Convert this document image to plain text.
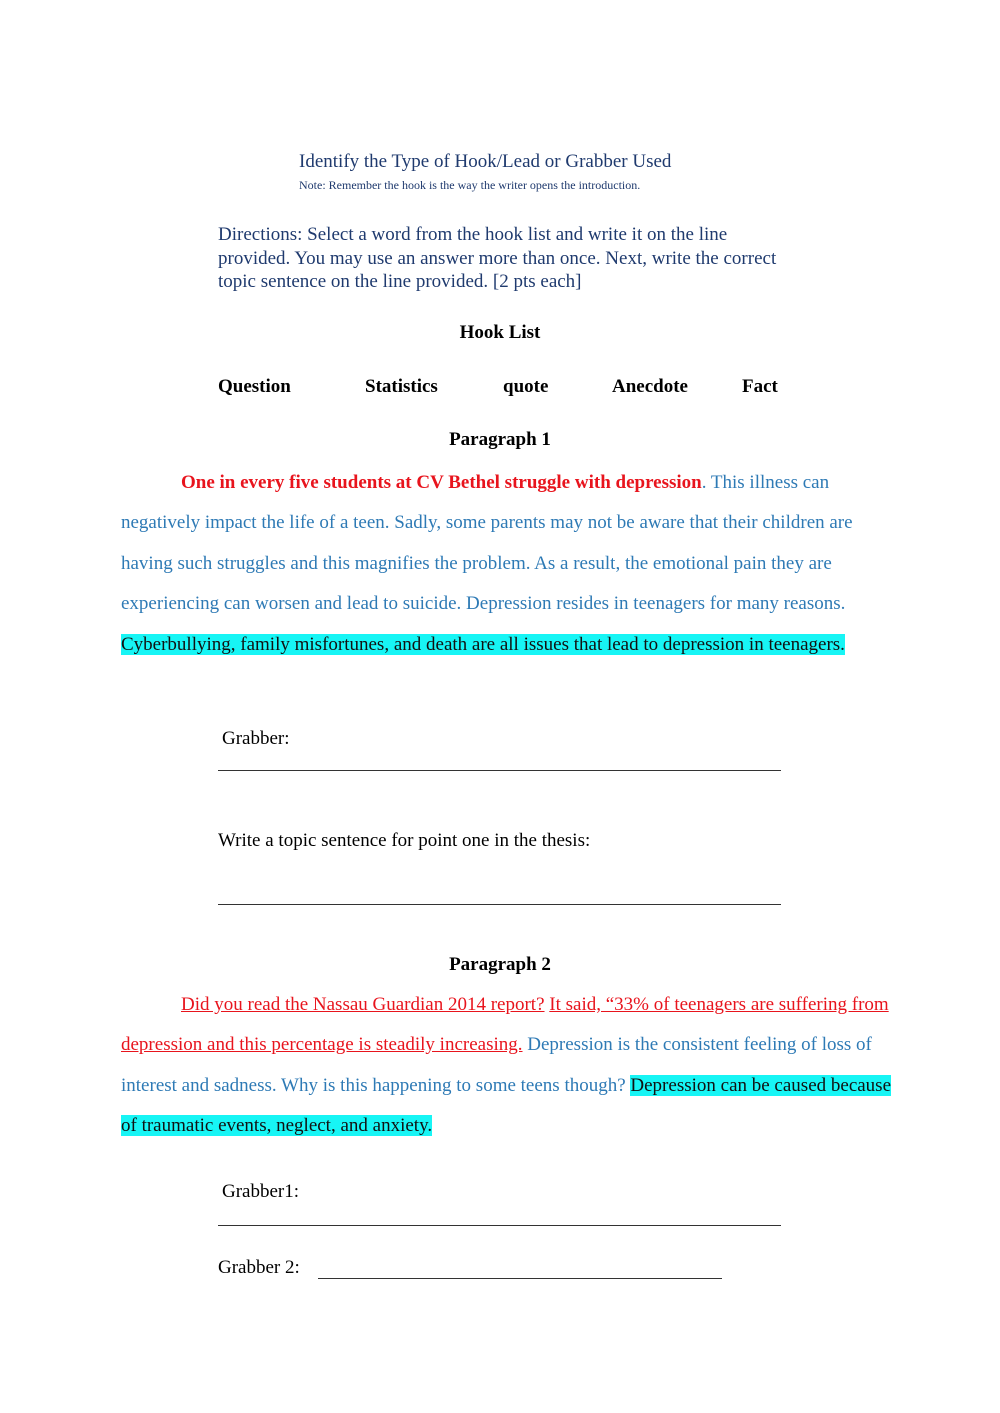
Identify the Type of Hook/Lead or Grabber Used
Note: Remember the hook is the way the writer opens the introduction.
Directions: Select a word from the hook list and write it on the line provided. You may use an answer more than once. Next, write the correct topic sentence on the line provided. [2 pts each]
Hook List
Question	Statistics	quote	Anecdote	Fact
Paragraph 1
One in every five students at CV Bethel struggle with depression. This illness can negatively impact the life of a teen. Sadly, some parents may not be aware that their children are having such struggles and this magnifies the problem. As a result, the emotional pain they are experiencing can worsen and lead to suicide. Depression resides in teenagers for many reasons. Cyberbullying, family misfortunes, and death are all issues that lead to depression in teenagers.
Grabber:
Write a topic sentence for point one in the thesis:
Paragraph 2
Did you read the Nassau Guardian 2014 report? It said, “33% of teenagers are suffering from depression and this percentage is steadily increasing. Depression is the consistent feeling of loss of interest and sadness. Why is this happening to some teens though? Depression can be caused because of traumatic events, neglect, and anxiety.
Grabber1:
Grabber 2:
